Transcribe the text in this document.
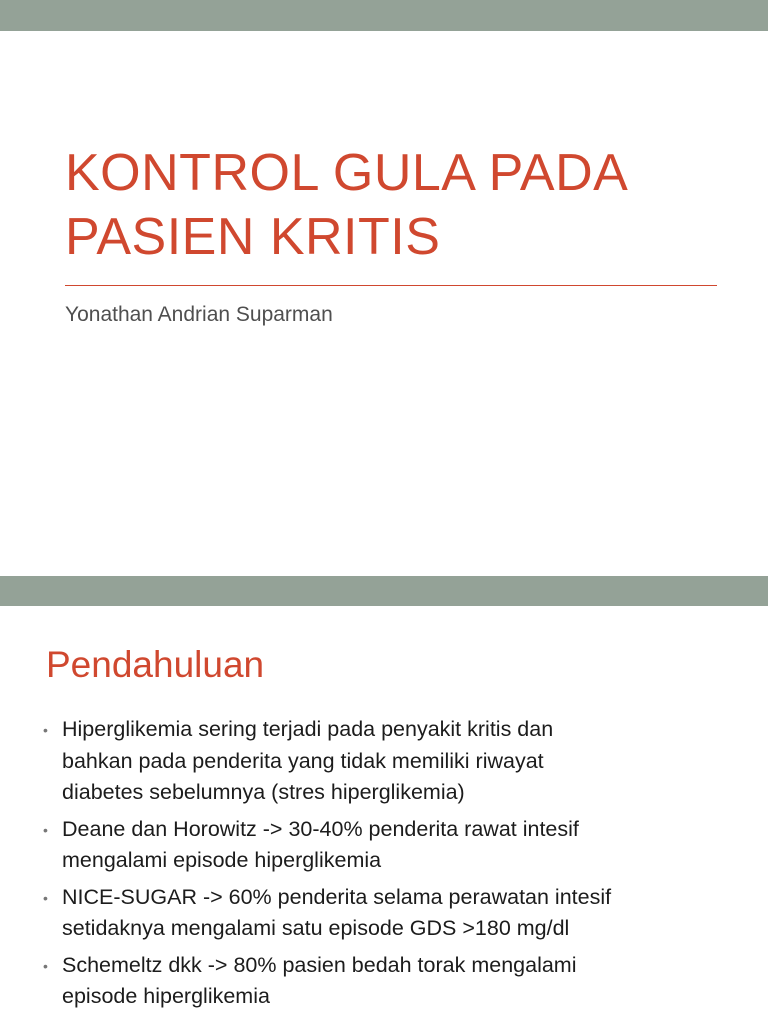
KONTROL GULA PADA
PASIEN KRITIS

Yonathan Andrian Suparman

Pendahuluan
• Hiperglikemia sering terjadi pada penyakit kritis dan
bahkan pada penderita yang tidak memiliki riwayat
diabetes sebelumnya (stres hiperglikemia)
• Deane dan Horowitz -> 30-40% penderita rawat intesif
mengalami episode hiperglikemia
• NICE-SUGAR -> 60% penderita selama perawatan intesif
setidaknya mengalami satu episode GDS >180 mg/dl
• Schemeltz dkk -> 80% pasien bedah torak mengalami
episode hiperglikemia
